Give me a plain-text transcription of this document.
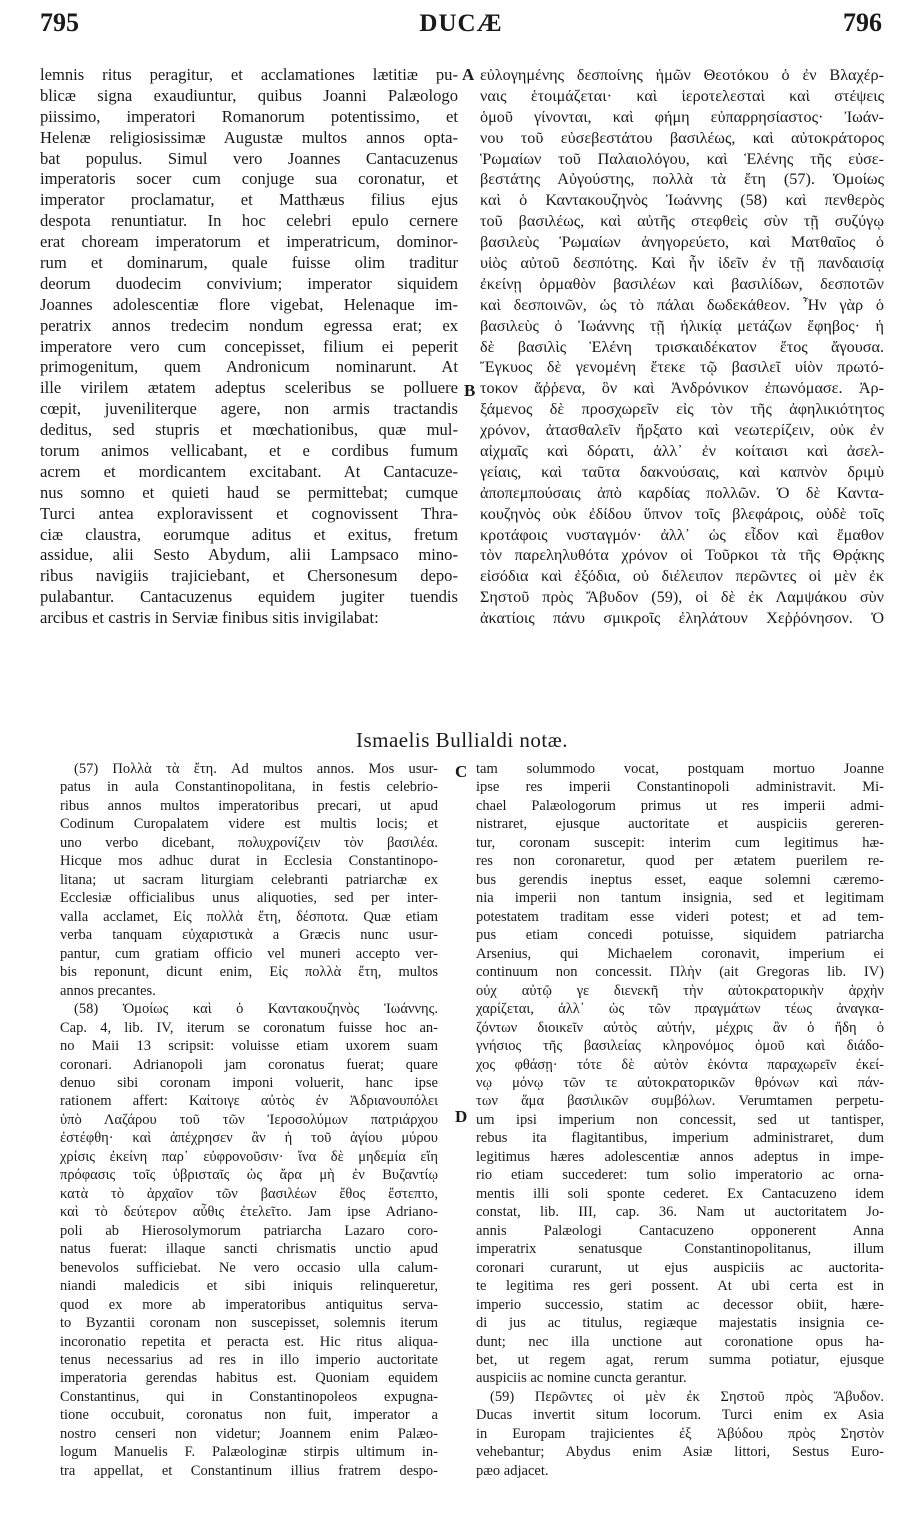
795	DUCÆ	796
lemnis ritus peragitur, et acclamationes lætitiæ pu-
blicæ signa exaudiuntur, quibus Joanni Palæologo
piissimo, imperatori Romanorum potentissimo, et
Helenæ religiosissimæ Augustæ multos annos opta-
bat populus. Simul vero Joannes Cantacuzenus
imperatoris socer cum conjuge sua coronatur, et
imperator proclamatur, et Matthæus filius ejus
despota renuntiatur. In hoc celebri epulo cernere
erat choream imperatorum et imperatricum, dominor-
rum et dominarum, quale fuisse olim traditur
deorum duodecim convivium; imperator siquidem
Joannes adolescentiæ flore vigebat, Helenaque im-
peratrix annos tredecim nondum egressa erat; ex
imperatore vero cum concepisset, filium ei peperit
primogenitum, quem Andronicum nominarunt. At
ille virilem ætatem adeptus sceleribus se polluere
cœpit, juveniliterque agere, non armis tractandis
deditus, sed stupris et mœchationibus, quæ mul-
torum animos vellicabant, et e cordibus fumum
acrem et mordicantem excitabant. At Cantacuze-
nus somno et quieti haud se permittebat; cumque
Turci antea exploravissent et cognovissent Thra-
ciæ claustra, eorumque aditus et exitus, fretum
assidue, alii Sesto Abydum, alii Lampsaco mino-
ribus navigiis trajiciebant, et Chersonesum depo-
pulabantur. Cantacuzenus equidem jugiter tuendis
arcibus et castris in Serviæ finibus sitis invigilabat:
εὐλογημένης δεσποίνης ἡμῶν Θεοτόκου ὁ ἐν Βλαχέρ-
ναις ἑτοιμάζεται· καὶ ἱεροτελεσταὶ καὶ στέψεις
ὁμοῦ γίνονται, καὶ φήμη εὐπαρρησίαστος· Ἰωάν-
νου τοῦ εὐσεβεστάτου βασιλέως, καὶ αὐτοκράτορος
Ῥωμαίων τοῦ Παλαιολόγου, καὶ Ἑλένης τῆς εὐσε-
βεστάτης Αὐγούστης, πολλὰ τὰ ἔτη (57). Ὁμοίως
καὶ ὁ Καντακουζηνὸς Ἰωάννης (58) καὶ πενθερὸς
τοῦ βασιλέως, καὶ αὐτῆς στεφθεὶς σὺν τῇ συζύγῳ
βασιλεὺς Ῥωμαίων ἀνηγορεύετο, καὶ Ματθαῖος ὁ
υἱὸς αὐτοῦ δεσπότης. Καὶ ἦν ἰδεῖν ἐν τῇ πανδαισίᾳ
ἐκείνῃ ὀρμαθὸν βασιλέων καὶ βασιλίδων, δεσποτῶν
καὶ δεσποινῶν, ὡς τὸ πάλαι δωδεκάθεον. Ἦν γὰρ ὁ
βασιλεὺς ὁ Ἰωάννης τῇ ἡλικίᾳ μετάζων ἔφηβος· ἡ
δὲ βασιλὶς Ἑλένη τρισκαιδέκατον ἔτος ἄγουσα.
Ἔγκυος δὲ γενομένη ἔτεκε τῷ βασιλεῖ υἱὸν πρωτό-
τοκον ἄῤῥενα, ὃν καὶ Ἀνδρόνικον ἐπωνόμασε. Ἀρ-
ξάμενος δὲ προσχωρεῖν εἰς τὸν τῆς ἀφηλικιότητος
χρόνον, ἀτασθαλεῖν ἤρξατο καὶ νεωτερίζειν, οὐκ ἐν
αἰχμαῖς καὶ δόρατι, ἀλλ᾽ ἐν κοίταισι καὶ ἀσελ-
γείαις, καὶ ταῦτα δακνούσαις, καὶ καπνὸν δριμὺ
ἀποπεμπούσαις ἀπὸ καρδίας πολλῶν. Ὁ δὲ Καντα-
κουζηνὸς οὐκ ἐδίδου ὕπνον τοῖς βλεφάροις, οὐδὲ τοῖς
κροτάφοις νυσταγμόν· ἀλλ᾽ ὡς εἶδον καὶ ἔμαθον
τὸν παρεληλυθότα χρόνον οἱ Τοῦρκοι τὰ τῆς Θρᾴκης
εἰσόδια καὶ ἐξόδια, οὐ διέλειπον περῶντες οἱ μὲν ἐκ
Σηστοῦ πρὸς Ἄβυδον (59), οἱ δὲ ἐκ Λαμψάκου σὺν
ἀκατίοις πάνυ σμικροῖς ἐληλάτουν Χεῤῥόνησον. Ὁ
A
B
Ismaelis Bullialdi notæ.
(57) Πολλὰ τὰ ἔτη. Ad multos annos. Mos usur-
patus in aula Constantinopolitana, in festis celebrio-
ribus annos multos imperatoribus precari, ut apud
Codinum Curopalatem videre est multis locis; et
uno verbo dicebant, πολυχρονίζειν τὸν βασιλέα.
Hicque mos adhuc durat in Ecclesia Constantinopo-
litana; ut sacram liturgiam celebranti patriarchæ ex
Ecclesiæ officialibus unus aliquoties, sed per inter-
valla acclamet, Εἰς πολλὰ ἔτη, δέσποτα. Quæ etiam
verba tanquam εὐχαριστικὰ a Græcis nunc usur-
pantur, cum gratiam officio vel muneri accepto ver-
bis reponunt, dicunt enim, Εἰς πολλὰ ἔτη, multos
annos precantes.
(58) Ὁμοίως καὶ ὁ Καντακουζηνὸς Ἰωάννης.
Cap. 4, lib. IV, iterum se coronatum fuisse hoc an-
no Maii 13 scripsit: voluisse etiam uxorem suam
coronari. Adrianopoli jam coronatus fuerat; quare
denuo sibi coronam imponi voluerit, hanc ipse
rationem affert: Καίτοιγε αὐτὸς ἐν Ἀδριανουπόλει
ὑπὸ Λαζάρου τοῦ τῶν Ἱεροσολύμων πατριάρχου
ἐστέφθη· καὶ ἀπέχρησεν ἂν ἡ τοῦ ἁγίου μύρου
χρίσις ἐκείνη παρ᾽ εὐφρονοῦσιν· ἵνα δὲ μηδεμία εἴη
πρόφασις τοῖς ὑβρισταῖς ὡς ἄρα μὴ ἐν Βυζαντίῳ
κατὰ τὸ ἀρχαῖον τῶν βασιλέων ἔθος ἔστεπτο,
καὶ τὸ δεύτερον αὖθις ἐτελεῖτο. Jam ipse Adriano-
poli ab Hierosolymorum patriarcha Lazaro coro-
natus fuerat: illaque sancti chrismatis unctio apud
benevolos sufficiebat. Ne vero occasio ulla calum-
niandi maledicis et sibi iniquis relinqueretur,
quod ex more ab imperatoribus antiquitus serva-
to Byzantii coronam non suscepisset, solemnis iterum
incoronatio repetita et peracta est. Hic ritus aliqua-
tenus necessarius ad res in illo imperio auctoritate
imperatoria gerendas habitus est. Quoniam equidem
Constantinus, qui in Constantinopoleos expugna-
tione occubuit, coronatus non fuit, imperator a
nostro censeri non videtur; Joannem enim Palæo-
logum Manuelis F. Palæologinæ stirpis ultimum in-
tra appellat, et Constantinum illius fratrem despo-
tam solummodo vocat, postquam mortuo Joanne
ipse res imperii Constantinopoli administravit. Mi-
chael Palæologorum primus ut res imperii admi-
nistraret, ejusque auctoritate et auspiciis gereren-
tur, coronam suscepit: interim cum legitimus hæ-
res non coronaretur, quod per ætatem puerilem re-
bus gerendis ineptus esset, eaque solemni cæremo-
nia imperii non tantum insignia, sed et legitimam
potestatem traditam esse videri potest; et ad tem-
pus etiam concedi potuisse, siquidem patriarcha
Arsenius, qui Michaelem coronavit, imperium ei
continuum non concessit. Πλὴν (ait Gregoras lib. IV)
οὐχ αὐτῷ γε διενεκῆ τὴν αὐτοκρατορικὴν ἀρχὴν
χαρίζεται, ἀλλ᾽ ὡς τῶν πραγμάτων τέως ἀναγκα-
ζόντων διοικεῖν αὐτὸς αὐτήν, μέχρις ἂν ὁ ἤδη ὁ
γνήσιος τῆς βασιλείας κληρονόμος ὁμοῦ καὶ διάδο-
χος φθάσῃ· τότε δὲ αὐτὸν ἑκόντα παραχωρεῖν ἐκεί-
νῳ μόνῳ τῶν τε αὐτοκρατορικῶν θρόνων καὶ πάν-
των ἅμα βασιλικῶν συμβόλων. Verumtamen perpetu-
um ipsi imperium non concessit, sed ut tantisper,
rebus ita flagitantibus, imperium administraret, dum
legitimus hæres adolescentiæ annos adeptus in impe-
rio etiam succederet: tum solio imperatorio ac orna-
mentis illi soli sponte cederet. Ex Cantacuzeno idem
constat, lib. III, cap. 36. Nam ut auctoritatem Jo-
annis Palæologi Cantacuzeno opponerent Anna
imperatrix senatusque Constantinopolitanus, illum
coronari curarunt, ut ejus auspiciis ac auctorita-
te legitima res geri possent. At ubi certa est in
imperio successio, statim ac decessor obiit, hære-
di jus ac titulus, regiæque majestatis insignia ce-
dunt; nec illa unctione aut coronatione opus ha-
bet, ut regem agat, rerum summa potiatur, ejusque
auspiciis ac nomine cuncta gerantur.
(59) Περῶντες οἱ μὲν ἐκ Σηστοῦ πρὸς Ἄβυδον.
Ducas invertit situm locorum. Turci enim ex Asia
in Europam trajicientes ἐξ Ἀβύδου πρὸς Σηστὸν
vehebantur; Abydus enim Asiæ littori, Sestus Euro-
pæo adjacet.
C
D
